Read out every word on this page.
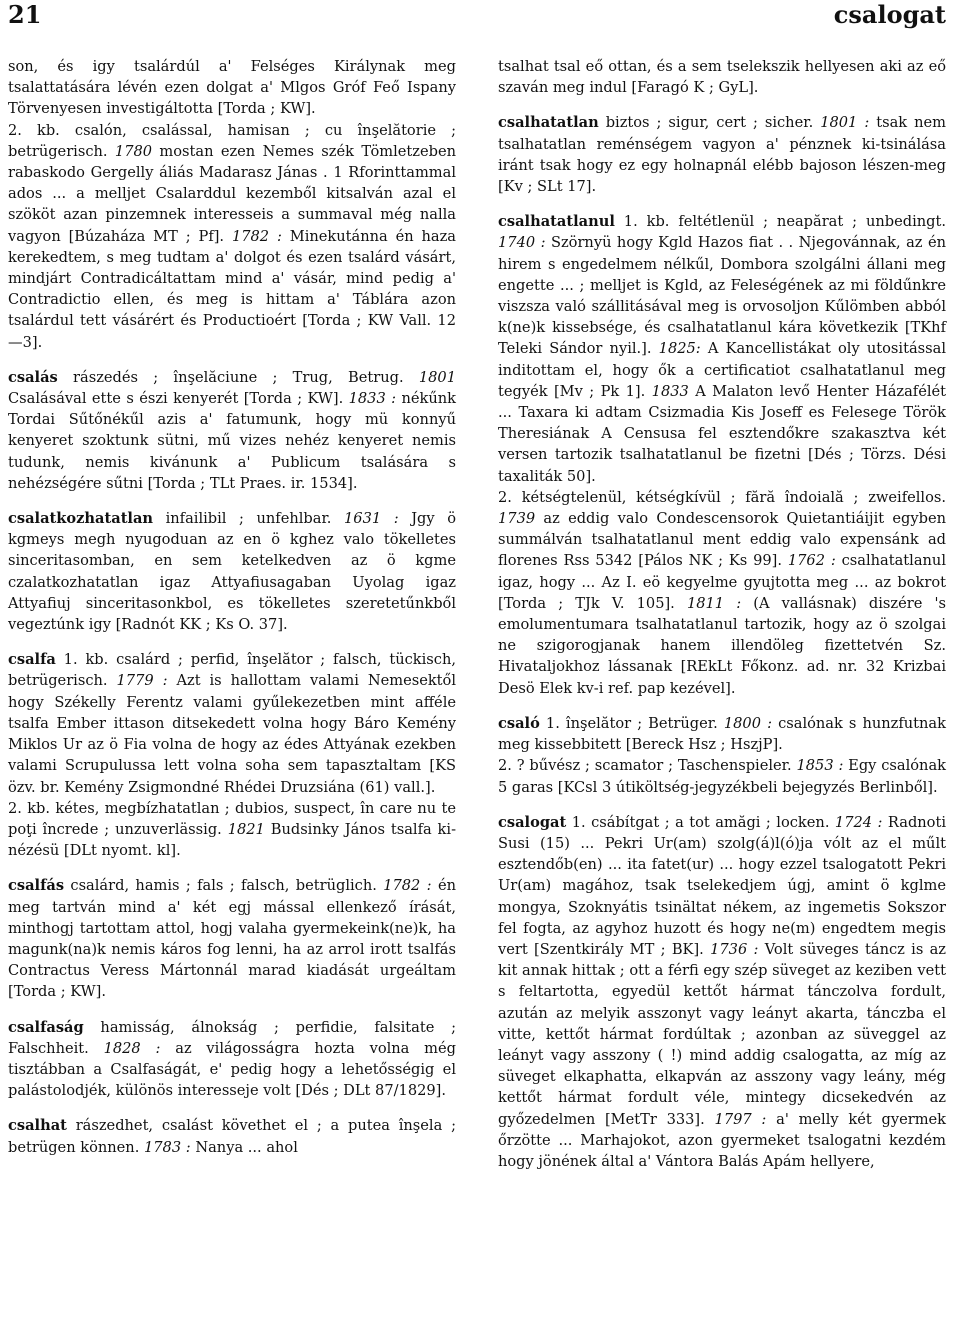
21	csalogat

son, és igy tsalárdúl a' Felséges Királynak meg tsalattatására lévén ezen dolgat a' Mlgos Gróf Feő Ispany Törvenyesen investigáltotta [Torda ; KW].

2. kb. csalón, csalással, hamisan ; cu înşelătorie ; betrügerisch. 1780 mostan ezen Nemes szék Tömletzeben rabaskodo Gergelly áliás Madarasz Jánas . 1 Rforinttammal ados ... a melljet Csalarddul kezemből kitsalván azal el szököt azan pinzemnek interesseis a summaval még nalla vagyon [Búzaháza MT ; Pf]. 1782 : Minekutánna én haza kerekedtem, s meg tudtam a' dolgot és ezen tsalárd vásárt, mindjárt Contradicáltattam mind a' vásár, mind pedig a' Contradictio ellen, és meg is hittam a' Táblára azon tsalárdul tett vásárért és Productioért [Torda ; KW Vall. 12—3].

csalás rászedés ; înşelăciune ; Trug, Betrug. 1801 Csalásával ette s észi kenyerét [Torda ; KW]. 1833 : nékűnk Tordai Sűtőnékűl azis a' fatumunk, hogy mü konnyű kenyeret szoktunk sütni, mű vizes nehéz kenyeret nemis tudunk, nemis kivánunk a' Publicum tsalására s nehézségére sűtni [Torda ; TLt Praes. ir. 1534].

csalatkozhatatlan infailibil ; unfehlbar. 1631 : Jgy ö kgmeys megh nyugoduan az en ö kghez valo tökelletes sinceritasomban, en sem ketelkedven az ö kgme czalatkozhatatlan igaz Attyafiusagaban Uyolag igaz Attyafiuj sinceritasonkbol, es tökelletes szeretetűnkből vegeztúnk igy [Radnót KK ; Ks O. 37].

csalfa 1. kb. csalárd ; perfid, înşelător ; falsch, tückisch, betrügerisch. 1779 : Azt is hallottam valami Nemesektől hogy Székelly Ferentz valami gyűlekezetben mint afféle tsalfa Ember ittason ditsekedett volna hogy Báro Kemény Miklos Ur az ö Fia volna de hogy az édes Attyának ezekben valami Scrupulussa lett volna soha sem tapasztaltam [KS özv. br. Kemény Zsigmondné Rhédei Druzsiána (61) vall.].

2. kb. kétes, megbízhatatlan ; dubios, suspect, în care nu te poţi încrede ; unzuverlässig. 1821 Budsinky János tsalfa ki-nézésü [DLt nyomt. kl].

csalfás csalárd, hamis ; fals ; falsch, betrüglich. 1782 : én meg tartván mind a' két egj mással ellenkező írását, minthogj tartottam attol, hogj valaha gyermekeink(ne)k, ha magunk(na)k nemis káros fog lenni, ha az arrol irott tsalfás Contractus Veress Mártonnál marad kiadását urgeáltam [Torda ; KW].

csalfaság hamisság, álnokság ; perfidie, falsitate ; Falschheit. 1828 : az világosságra hozta volna még tisztábban a Csalfaságát, e' pedig hogy a lehetősségig el palástolodjék, különös interesseje volt [Dés ; DLt 87/1829].

csalhat rászedhet, csalást követhet el ; a putea înşela ; betrügen können. 1783 : Nanya ... ahol

tsalhat tsal eő ottan, és a sem tselekszik hellyesen aki az eő szaván meg indul [Faragó K ; GyL].

csalhatatlan biztos ; sigur, cert ; sicher. 1801 : tsak nem tsalhatatlan reménségem vagyon a' pénznek ki-tsinálása iránt tsak hogy ez egy holnapnál elébb bajoson lészen-meg [Kv ; SLt 17].

csalhatatlanul 1. kb. feltétlenül ; neapărat ; unbedingt. 1740 : Szörnyü hogy Kgld Hazos fiat . . Njegovánnak, az én hirem s engedelmem nélkűl, Dombora szolgálni állani meg engette ... ; melljet is Kgld, az Feleségének az mi földűnkre viszsza való szállitásával meg is orvosoljon Kűlömben abból k(ne)k kissebsége, és csalhatatlanul kára következik [TKhf Teleki Sándor nyil.]. 1825: A Kancellistákat oly utositással inditottam el, hogy ők a certificatiot csalhatatlanul meg tegyék [Mv ; Pk 1]. 1833 A Malaton levő Henter Házafélét ... Taxara ki adtam Csizmadia Kis Joseff es Felesege Török Theresiának A Censusa fel esztendőkre szakasztva két versen tartozik tsalhatatlanul be fizetni [Dés ; Törzs. Dési taxaliták 50].

2. kétségtelenül, kétségkívül ; fără îndoială ; zweifellos. 1739 az eddig valo Condescensorok Quietantiáijit egyben summálván tsalhatatlanul ment eddig valo expensánk ad florenes Rss 5342 [Pálos NK ; Ks 99]. 1762 : csalhatatlanul igaz, hogy ... Az I. eö kegyelme gyujtotta meg ... az bokrot [Torda ; TJk V. 105]. 1811 : (A vallásnak) diszére 's emolumentumara tsalhatatlanul tartozik, hogy az ö szolgai ne szigorogjanak hanem illendöleg fizettetvén Sz. Hivataljokhoz lássanak [REkLt Főkonz. ad. nr. 32 Krizbai Desö Elek kv-i ref. pap kezével].

csaló 1. înşelător ; Betrüger. 1800 : csalónak s hunzfutnak meg kissebbitett [Bereck Hsz ; HszjP].

2. ? bűvész ; scamator ; Taschenspieler. 1853 : Egy csalónak 5 garas [KCsl 3 útiköltség-jegyzékbeli bejegyzés Berlinből].

csalogat 1. csábítgat ; a tot amăgi ; locken. 1724 : Radnoti Susi (15) ... Pekri Ur(am) szolg(á)l(ó)ja vólt az el műlt esztendőb(en) ... ita fatet(ur) ... hogy ezzel tsalogatott Pekri Ur(am) magához, tsak tselekedjem úgj, amint ö kglme mongya, Szoknyátis tsinältat nékem, az ingemetis Sokszor fel fogta, az agyhoz huzott és hogy ne(m) engedtem megis vert [Szentkirály MT ; BK]. 1736 : Volt süveges táncz is az kit annak hittak ; ott a férfi egy szép süveget az keziben vett s feltartotta, egyedül kettőt hármat tánczolva fordult, azután az melyik asszonyt vagy leányt akarta, tánczba el vitte, kettőt hármat fordúltak ; azonban az süveggel az leányt vagy asszony ( !) mind addig csalogatta, az míg az süveget elkaphatta, elkapván az asszony vagy leány, még kettőt hármat fordult véle, mintegy dicsekedvén az győzedelmen [MetTr 333]. 1797 : a' melly két gyermek őrzötte ... Marhajokot, azon gyermeket tsalogatni kezdém hogy jönének által a' Vántora Balás Apám hellyere,
